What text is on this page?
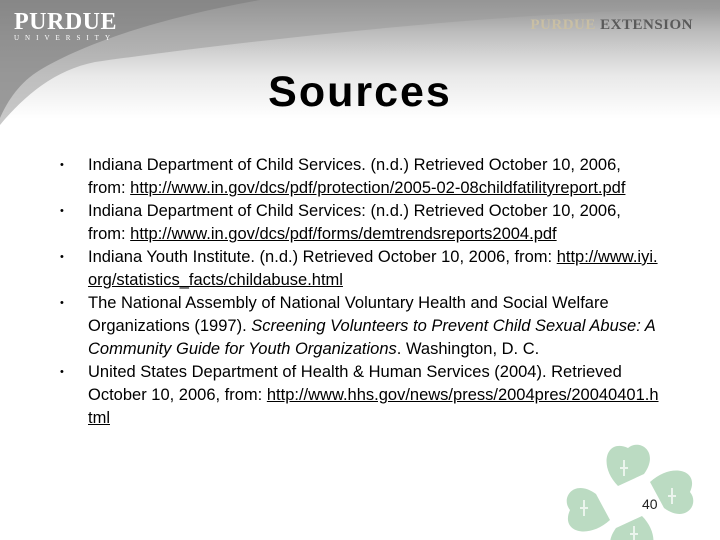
PURDUE
UNIVERSITY
PURDUE EXTENSION
Sources
• Indiana Department of Child Services. (n.d.) Retrieved October 10, 2006, from: http://www.in.gov/dcs/pdf/protection/2005-02-08childfatilityreport.pdf
• Indiana Department of Child Services: (n.d.) Retrieved October 10, 2006, from: http://www.in.gov/dcs/pdf/forms/demtrendsreports2004.pdf
• Indiana Youth Institute. (n.d.) Retrieved October 10, 2006, from: http://www.iyi.org/statistics_facts/childabuse.html
• The National Assembly of National Voluntary Health and Social Welfare Organizations (1997). Screening Volunteers to Prevent Child Sexual Abuse: A Community Guide for Youth Organizations. Washington, D. C.
• United States Department of Health & Human Services (2004). Retrieved October 10, 2006, from: http://www.hhs.gov/news/press/2004pres/20040401.html
40
